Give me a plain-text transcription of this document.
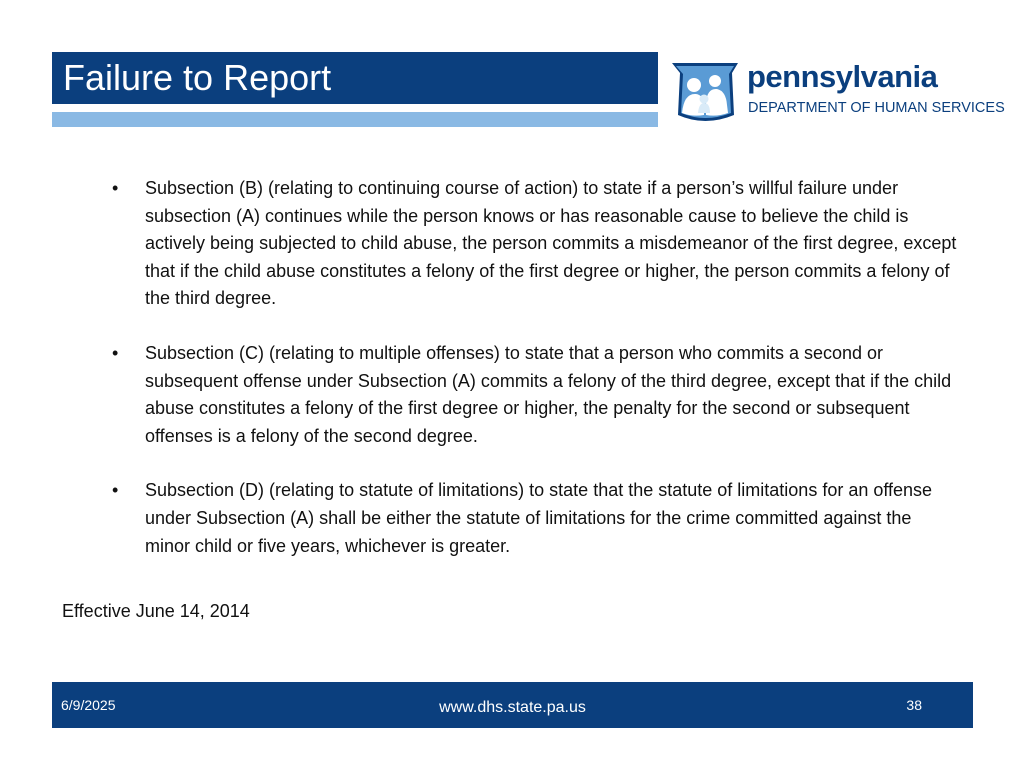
Failure to Report	pennsylvania
DEPARTMENT OF HUMAN SERVICES
• Subsection (B) (relating to continuing course of action) to state if a person’s willful failure under subsection (A) continues while the person knows or has reasonable cause to believe the child is actively being subjected to child abuse, the person commits a misdemeanor of the first degree, except that if the child abuse constitutes a felony of the first degree or higher, the person commits a felony of the third degree.
• Subsection (C) (relating to multiple offenses) to state that a person who commits a second or subsequent offense under Subsection (A) commits a felony of the third degree, except that if the child abuse constitutes a felony of the first degree or higher, the penalty for the second or subsequent offenses is a felony of the second degree.
• Subsection (D) (relating to statute of limitations) to state that the statute of limitations for an offense under Subsection (A) shall be either the statute of limitations for the crime committed against the minor child or five years, whichever is greater.
Effective June 14, 2014
6/9/2025	www.dhs.state.pa.us	38
